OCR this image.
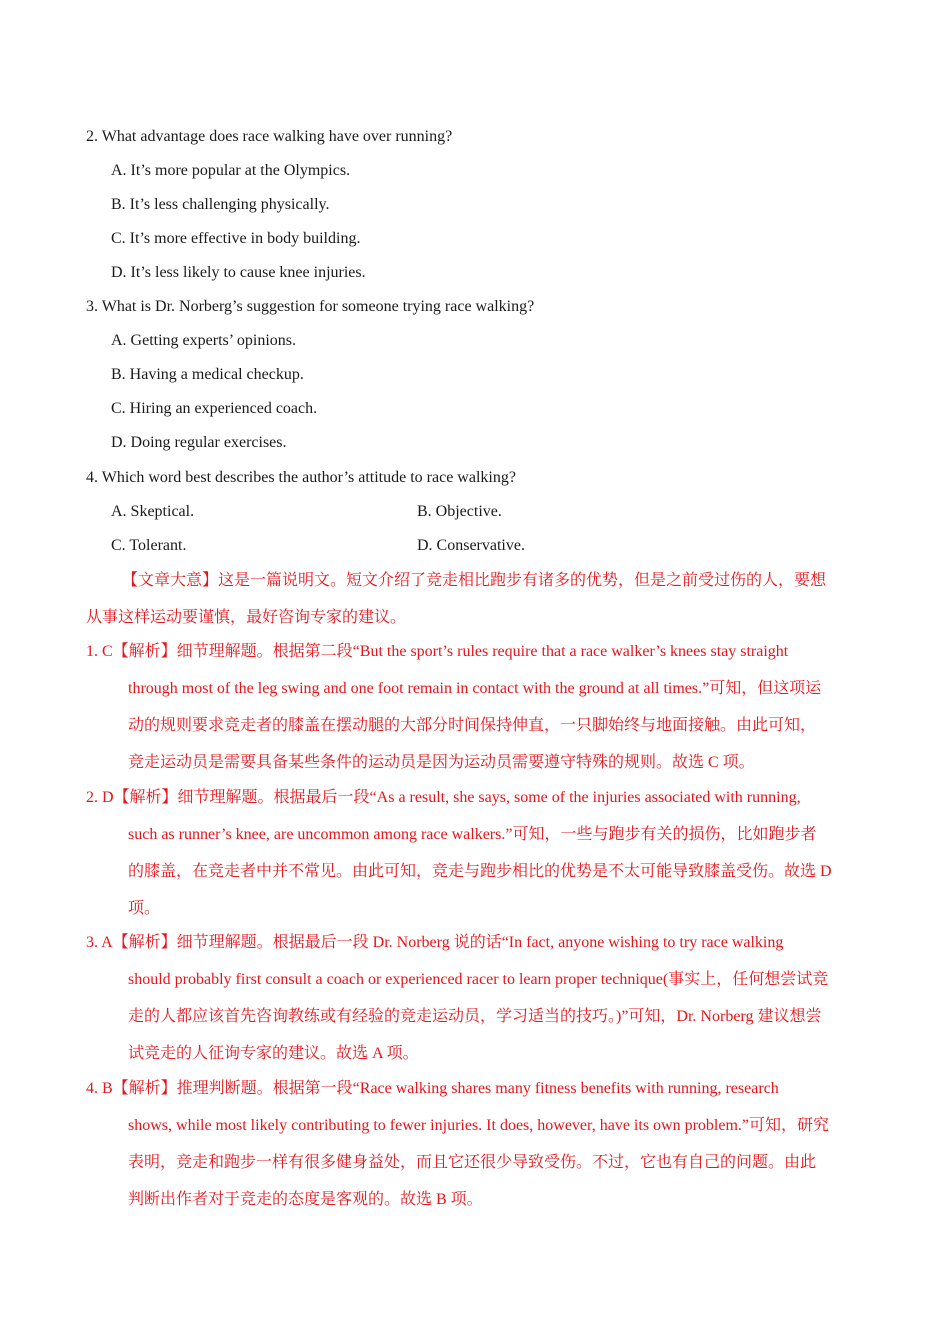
2. What advantage does race walking have over running?
A. It’s more popular at the Olympics.
B. It’s less challenging physically.
C. It’s more effective in body building.
D. It’s less likely to cause knee injuries.
3. What is Dr. Norberg’s suggestion for someone trying race walking?
A. Getting experts’ opinions.
B. Having a medical checkup.
C. Hiring an experienced coach.
D. Doing regular exercises.
4. Which word best describes the author’s attitude to race walking?
A. Skeptical.	B. Objective.
C. Tolerant.	D. Conservative.
【文章大意】这是一篇说明文。短文介绍了竞走相比跑步有诸多的优势，但是之前受过伤的人，要想
从事这样运动要谨慎，最好咨询专家的建议。
1. C【解析】细节理解题。根据第二段“But the sport’s rules require that a race walker’s knees stay straight
through most of the leg swing and one foot remain in contact with the ground at all times.”可知，但这项运
动的规则要求竞走者的膝盖在摆动腿的大部分时间保持伸直，一只脚始终与地面接触。由此可知，
竞走运动员是需要具备某些条件的运动员是因为运动员需要遵守特殊的规则。故选 C 项。
2. D【解析】细节理解题。根据最后一段“As a result, she says, some of the injuries associated with running,
such as runner’s knee, are uncommon among race walkers.”可知，一些与跑步有关的损伤，比如跑步者
的膝盖，在竞走者中并不常见。由此可知，竞走与跑步相比的优势是不太可能导致膝盖受伤。故选 D
项。
3. A【解析】细节理解题。根据最后一段 Dr. Norberg 说的话“In fact, anyone wishing to try race walking
should probably first consult a coach or experienced racer to learn proper technique(事实上，任何想尝试竞
走的人都应该首先咨询教练或有经验的竞走运动员，学习适当的技巧。)”可知，Dr. Norberg 建议想尝
试竞走的人征询专家的建议。故选 A 项。
4. B【解析】推理判断题。根据第一段“Race walking shares many fitness benefits with running, research
shows, while most likely contributing to fewer injuries. It does, however, have its own problem.”可知，研究
表明，竞走和跑步一样有很多健身益处，而且它还很少导致受伤。不过，它也有自己的问题。由此
判断出作者对于竞走的态度是客观的。故选 B 项。
